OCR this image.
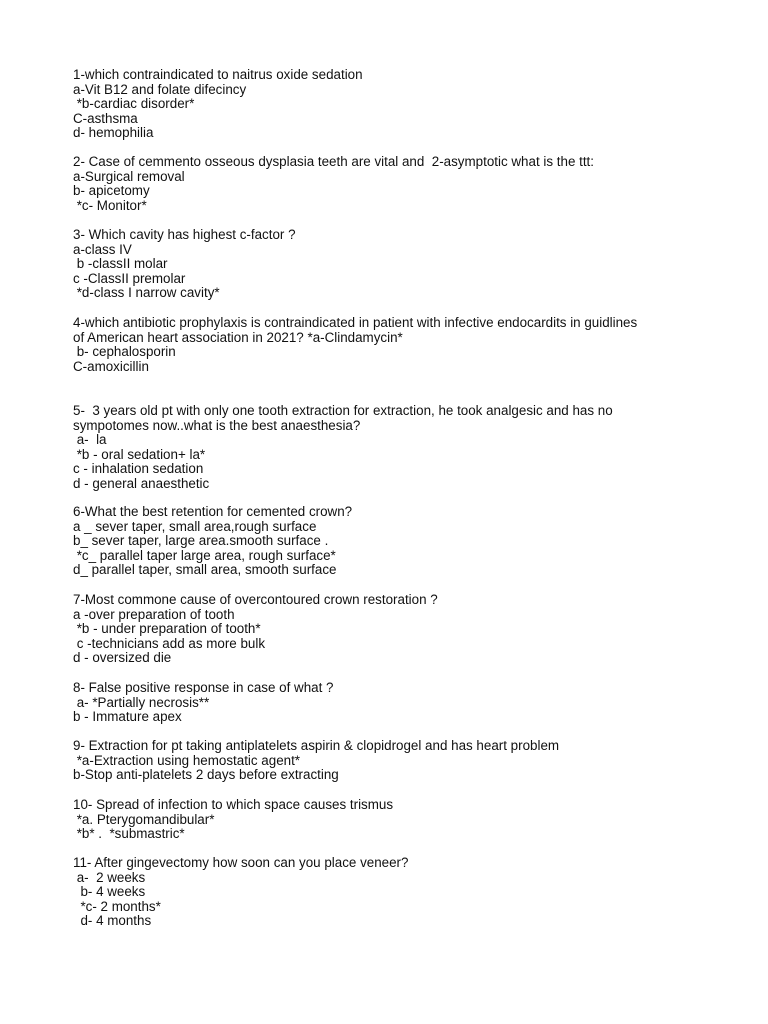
1-which contraindicated to naitrus oxide sedation
a-Vit B12 and folate difecincy
*b-cardiac disorder*
C-asthsma
d- hemophilia
2- Case of cemmento osseous dysplasia teeth are vital and  2-asymptotic what is the ttt:
a-Surgical removal
b- apicetomy
*c- Monitor*
3- Which cavity has highest c-factor ?
a-class IV
b -classII molar
c -ClassII premolar
*d-class I narrow cavity*
4-which antibiotic prophylaxis is contraindicated in patient with infective endocardits in guidlines
of American heart association in 2021? *a-Clindamycin*
b- cephalosporin
C-amoxicillin
5-  3 years old pt with only one tooth extraction for extraction, he took analgesic and has no
sympotomes now..what is the best anaesthesia?
a-  la
*b - oral sedation+ la*
c - inhalation sedation
d - general anaesthetic
6-What the best retention for cemented crown?
a _ sever taper, small area,rough surface
b_ sever taper, large area.smooth surface .
*c_ parallel taper large area, rough surface*
d_ parallel taper, small area, smooth surface
7-Most commone cause of overcontoured crown restoration ?
a -over preparation of tooth
*b - under preparation of tooth*
c -technicians add as more bulk
d - oversized die
8- False positive response in case of what ?
a- *Partially necrosis**
b - Immature apex
9- Extraction for pt taking antiplatelets aspirin & clopidrogel and has heart problem
*a-Extraction using hemostatic agent*
b-Stop anti-platelets 2 days before extracting
10- Spread of infection to which space causes trismus
*a. Pterygomandibular*
*b* .  *submastric*
11- After gingevectomy how soon can you place veneer?
a-  2 weeks
b- 4 weeks
*c- 2 months*
d- 4 months
